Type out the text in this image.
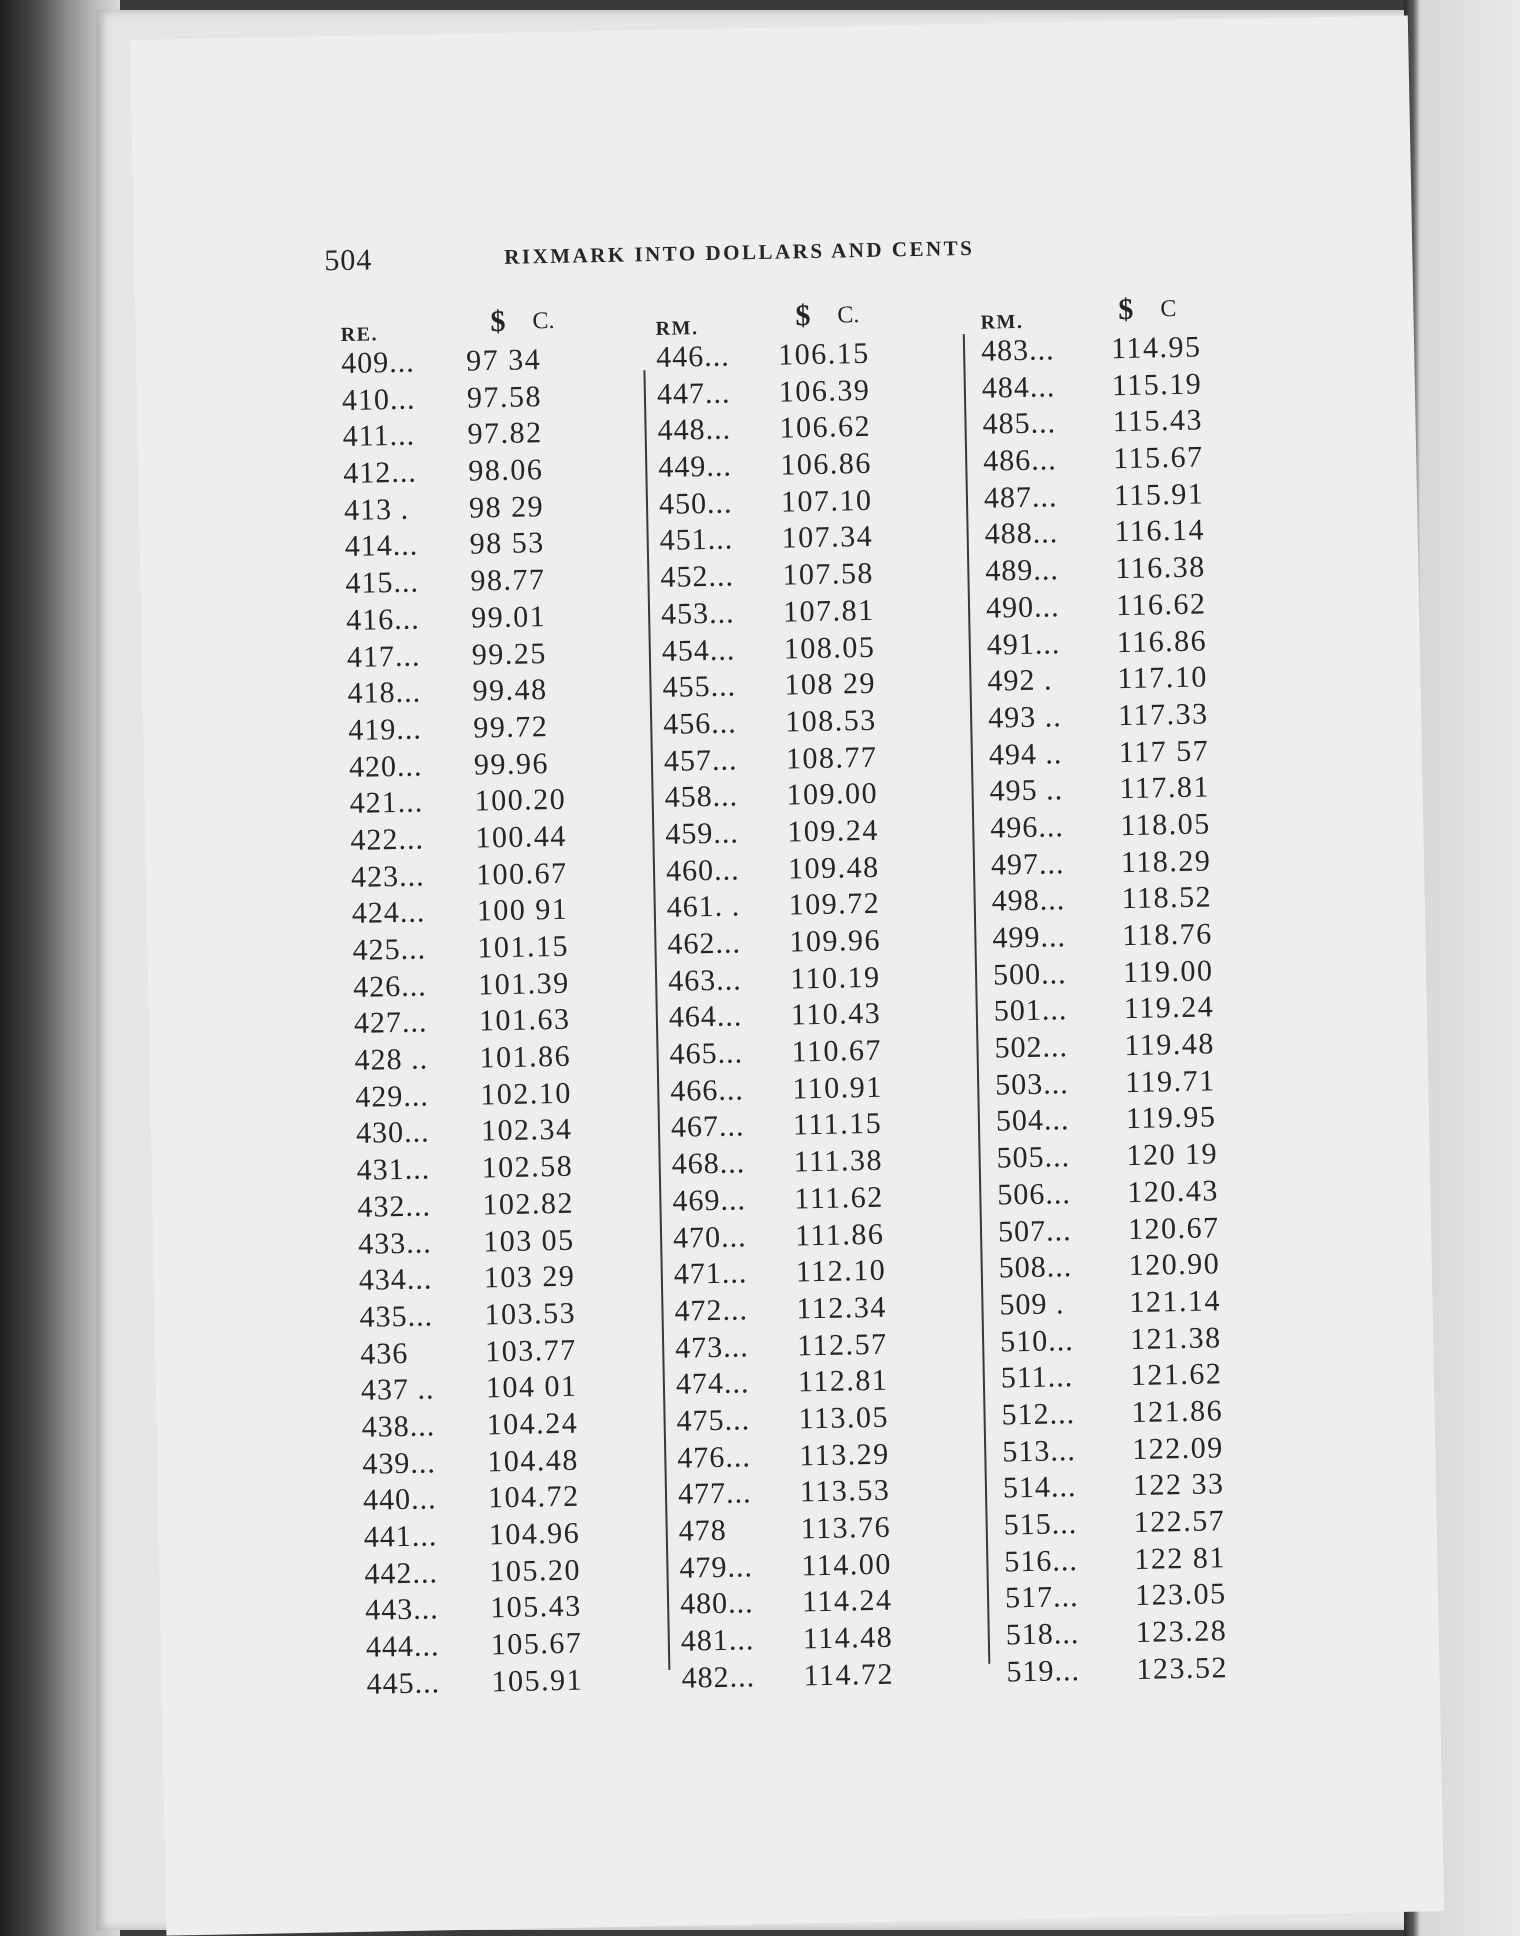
504	RIXMARK INTO DOLLARS AND CENTS
RE.	$ C.
409... 97 34
410... 97.58
411... 97.82
412... 98.06
413 . 98 29
414... 98 53
415... 98.77
416... 99.01
417... 99.25
418... 99.48
419... 99.72
420... 99.96
421... 100.20
422... 100.44
423... 100.67
424... 100 91
425... 101.15
426... 101.39
427... 101.63
428 .. 101.86
429... 102.10
430... 102.34
431... 102.58
432... 102.82
433... 103 05
434... 103 29
435... 103.53
436	103.77
437 .. 104 01
438... 104.24
439... 104.48
440... 104.72
441... 104.96
442... 105.20
443... 105.43
444... 105.67
445... 105.91
RM.	$ C.
446... 106.15
447... 106.39
448... 106.62
449... 106.86
450... 107.10
451... 107.34
452... 107.58
453... 107.81
454... 108.05
455... 108 29
456... 108.53
457... 108.77
458... 109.00
459... 109.24
460... 109.48
461. . 109.72
462... 109.96
463... 110.19
464... 110.43
465... 110.67
466... 110.91
467... 111.15
468... 111.38
469... 111.62
470... 111.86
471... 112.10
472... 112.34
473... 112.57
474... 112.81
475... 113.05
476... 113.29
477... 113.53
478 113.76
479... 114.00
480... 114.24
481... 114.48
482... 114.72
RM.	$ C
483... 114.95
484... 115.19
485... 115.43
486... 115.67
487... 115.91
488... 116.14
489... 116.38
490... 116.62
491... 116.86
492 . 117.10
493 .. 117.33
494 .. 117 57
495 .. 117.81
496... 118.05
497... 118.29
498... 118.52
499... 118.76
500... 119.00
501... 119.24
502... 119.48
503... 119.71
504... 119.95
505... 120 19
506... 120.43
507... 120.67
508... 120.90
509 . 121.14
510... 121.38
511... 121.62
512... 121.86
513... 122.09
514... 122 33
515... 122.57
516... 122 81
517... 123.05
518... 123.28
519... 123.52
